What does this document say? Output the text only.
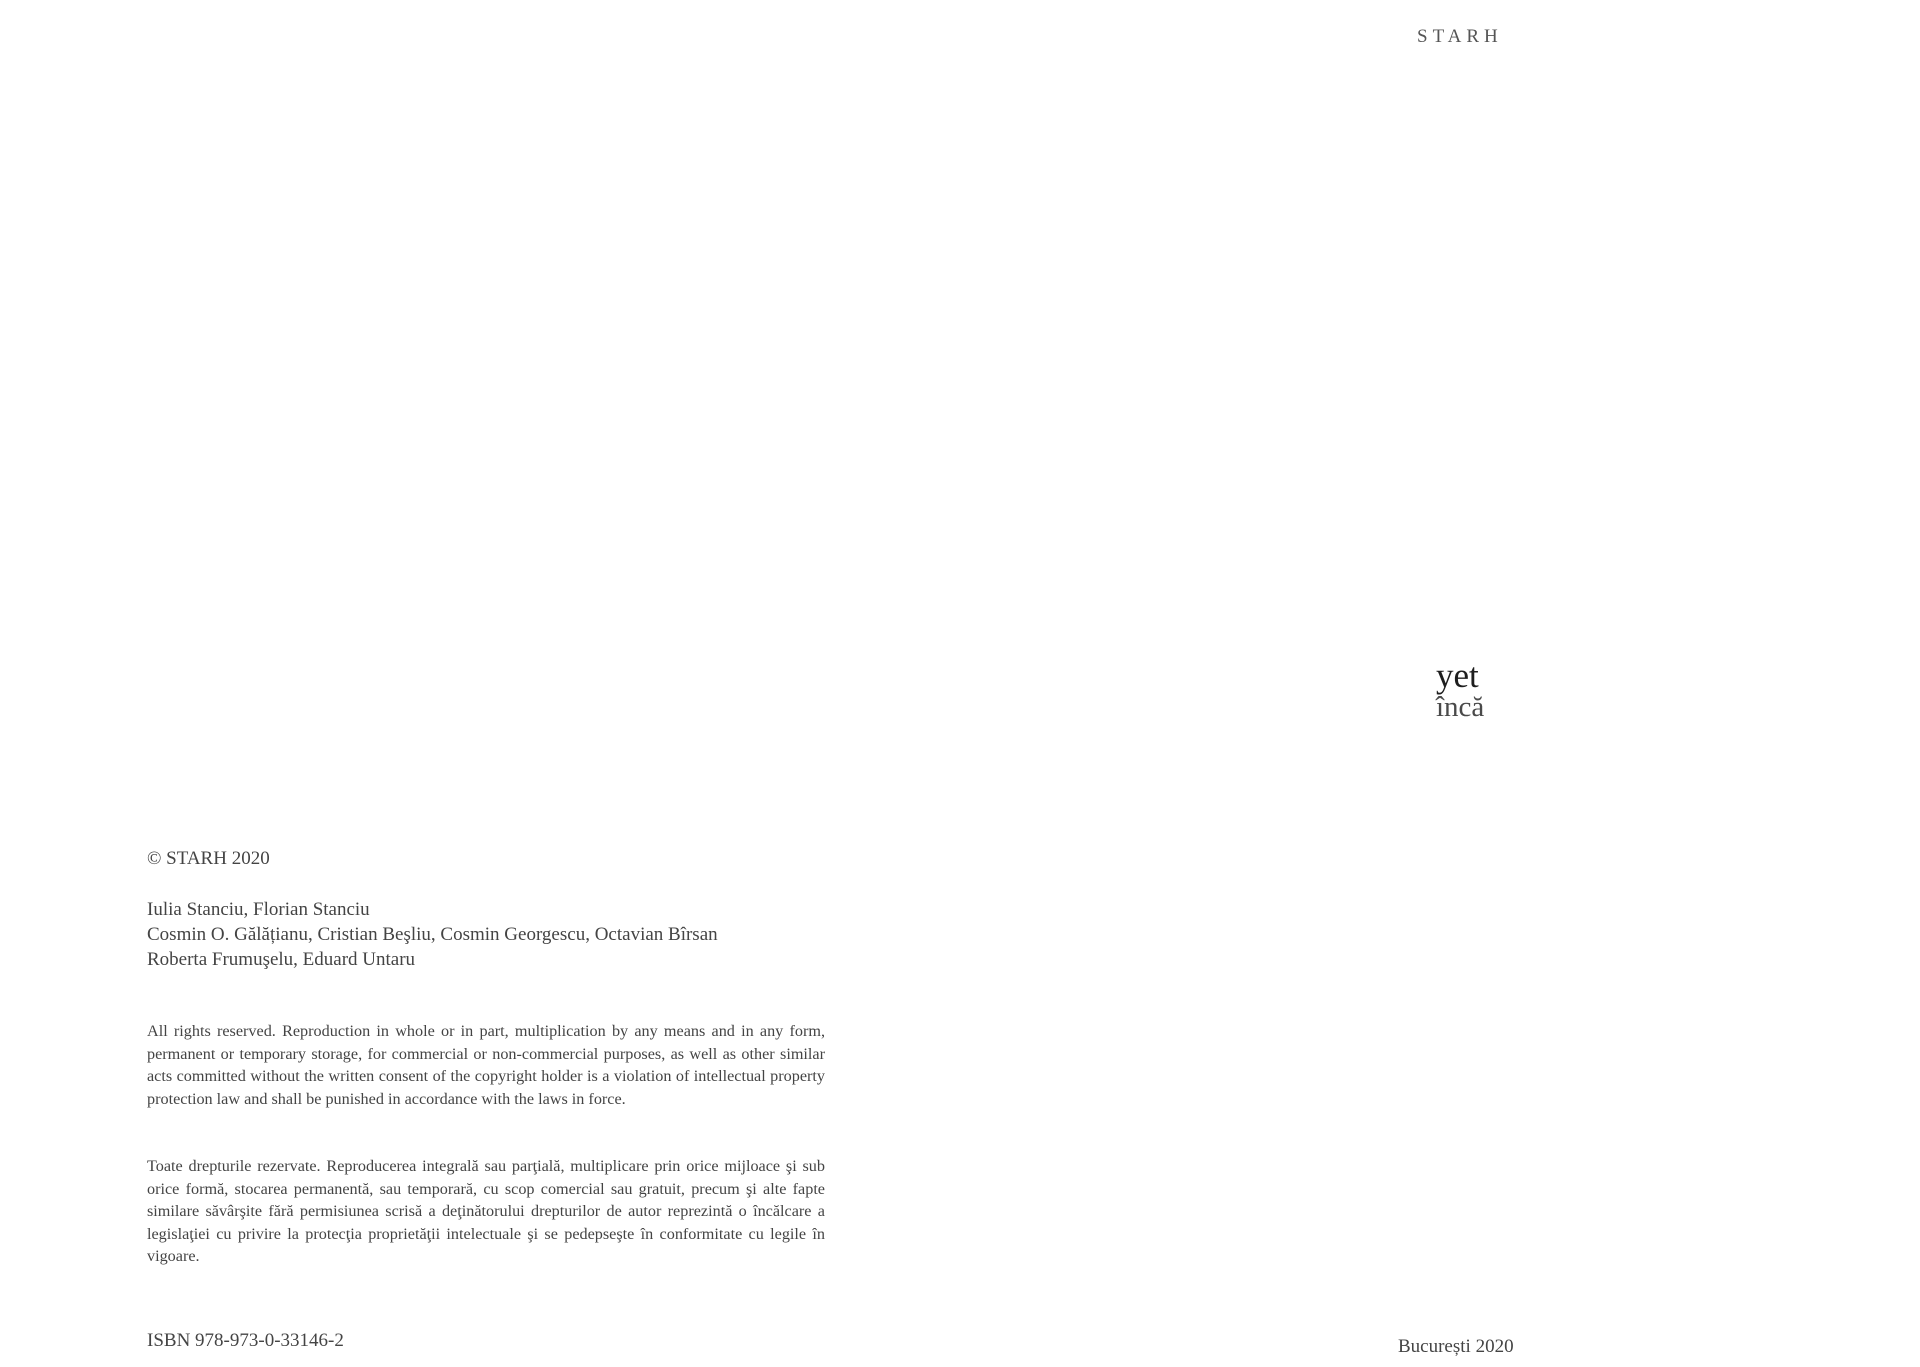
STARH
yet
încă
București 2020
© STARH 2020
Iulia Stanciu, Florian Stanciu
Cosmin O. Gălățianu, Cristian Beşliu, Cosmin Georgescu, Octavian Bîrsan
Roberta Frumuşelu, Eduard Untaru
All rights reserved. Reproduction in whole or in part, multiplication by any means and in any form, permanent or temporary storage, for commercial or non-commercial purposes, as well as other similar acts committed without the written consent of the copyright holder is a violation of intellectual property protection law and shall be punished in accordance with the laws in force.
Toate drepturile rezervate. Reproducerea integrală sau parţială, multiplicare prin orice mijloace şi sub orice formă, stocarea permanentă, sau temporară, cu scop comercial sau gratuit, precum şi alte fapte similare săvârşite fără permisiunea scrisă a deţinătorului drepturilor de autor reprezintă o încălcare a legislaţiei cu privire la protecţia proprietăţii intelectuale şi se pedepseşte în conformitate cu legile în vigoare.
ISBN 978-973-0-33146-2
